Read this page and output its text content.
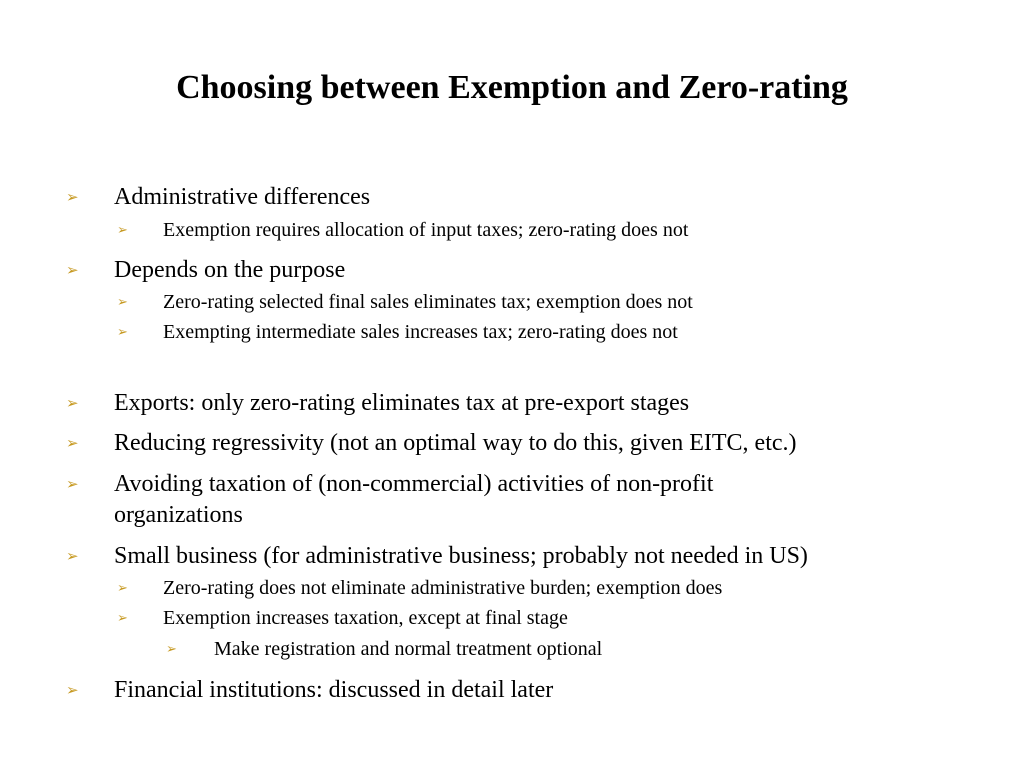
Choosing between Exemption and Zero-rating
➢	Administrative differences
➢	Exemption requires allocation of input taxes; zero-rating does not
➢	Depends on the purpose
➢	Zero-rating selected final sales eliminates tax; exemption does not
➢	Exempting intermediate sales increases tax; zero-rating does not
➢	Exports: only zero-rating eliminates tax at pre-export stages
➢	Reducing regressivity (not an optimal way to do this, given EITC, etc.)
➢	Avoiding taxation of (non-commercial) activities of non-profit organizations
➢	Small business (for administrative business; probably not needed in US)
➢	Zero-rating does not eliminate administrative burden; exemption does
➢	Exemption increases taxation, except at final stage
➢	Make registration and normal treatment optional
➢	Financial institutions: discussed in detail later
